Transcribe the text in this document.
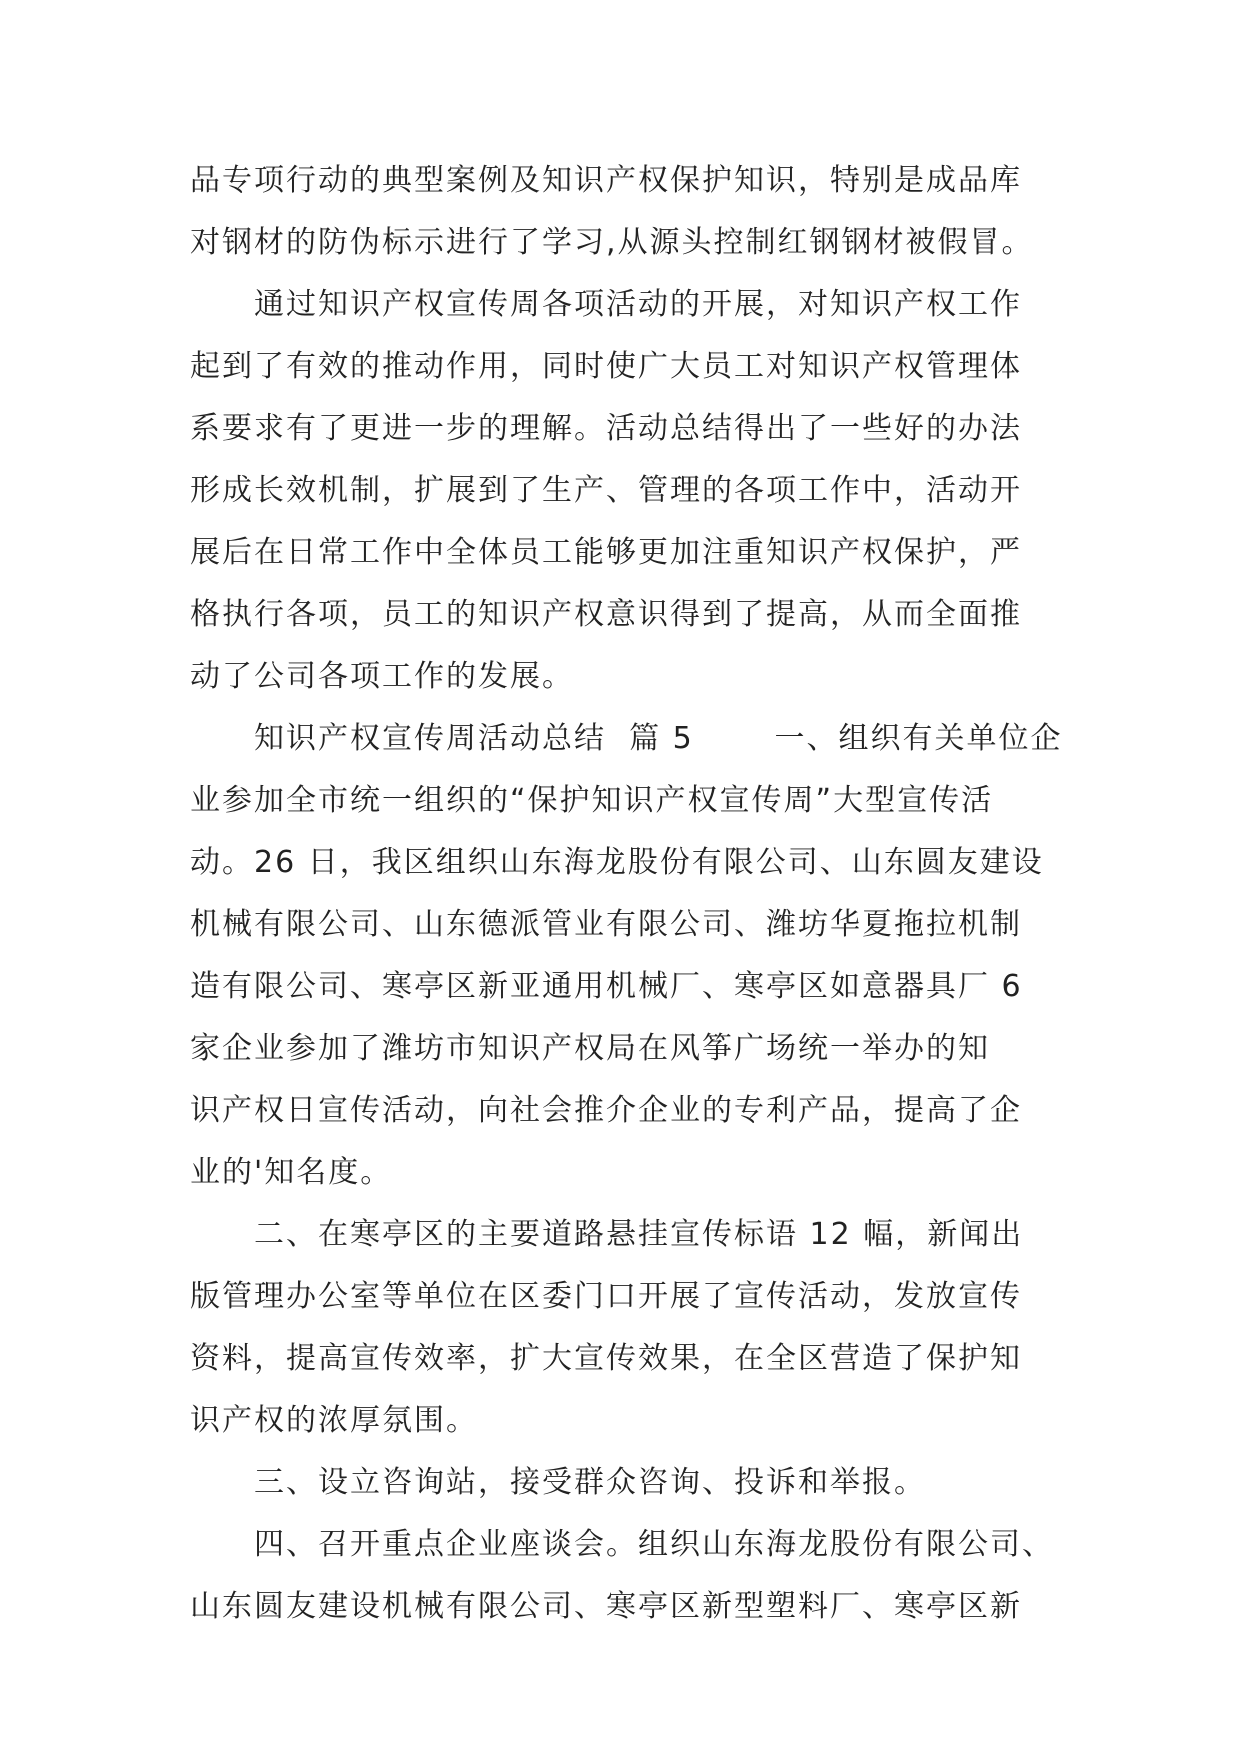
品专项行动的典型案例及知识产权保护知识，特别是成品库
对钢材的防伪标示进行了学习,从源头控制红钢钢材被假冒。
通过知识产权宣传周各项活动的开展，对知识产权工作
起到了有效的推动作用，同时使广大员工对知识产权管理体
系要求有了更进一步的理解。活动总结得出了一些好的办法
形成长效机制，扩展到了生产、管理的各项工作中，活动开
展后在日常工作中全体员工能够更加注重知识产权保护，严
格执行各项，员工的知识产权意识得到了提高，从而全面推
动了公司各项工作的发展。
知识产权宣传周活动总结  篇 5       一、组织有关单位企
业参加全市统一组织的“保护知识产权宣传周”大型宣传活
动。26 日，我区组织山东海龙股份有限公司、山东圆友建设
机械有限公司、山东德派管业有限公司、潍坊华夏拖拉机制
造有限公司、寒亭区新亚通用机械厂、寒亭区如意器具厂 6
家企业参加了潍坊市知识产权局在风筝广场统一举办的知
识产权日宣传活动，向社会推介企业的专利产品，提高了企
业的'知名度。
二、在寒亭区的主要道路悬挂宣传标语 12 幅，新闻出
版管理办公室等单位在区委门口开展了宣传活动，发放宣传
资料，提高宣传效率，扩大宣传效果，在全区营造了保护知
识产权的浓厚氛围。
三、设立咨询站，接受群众咨询、投诉和举报。
四、召开重点企业座谈会。组织山东海龙股份有限公司、
山东圆友建设机械有限公司、寒亭区新型塑料厂、寒亭区新
